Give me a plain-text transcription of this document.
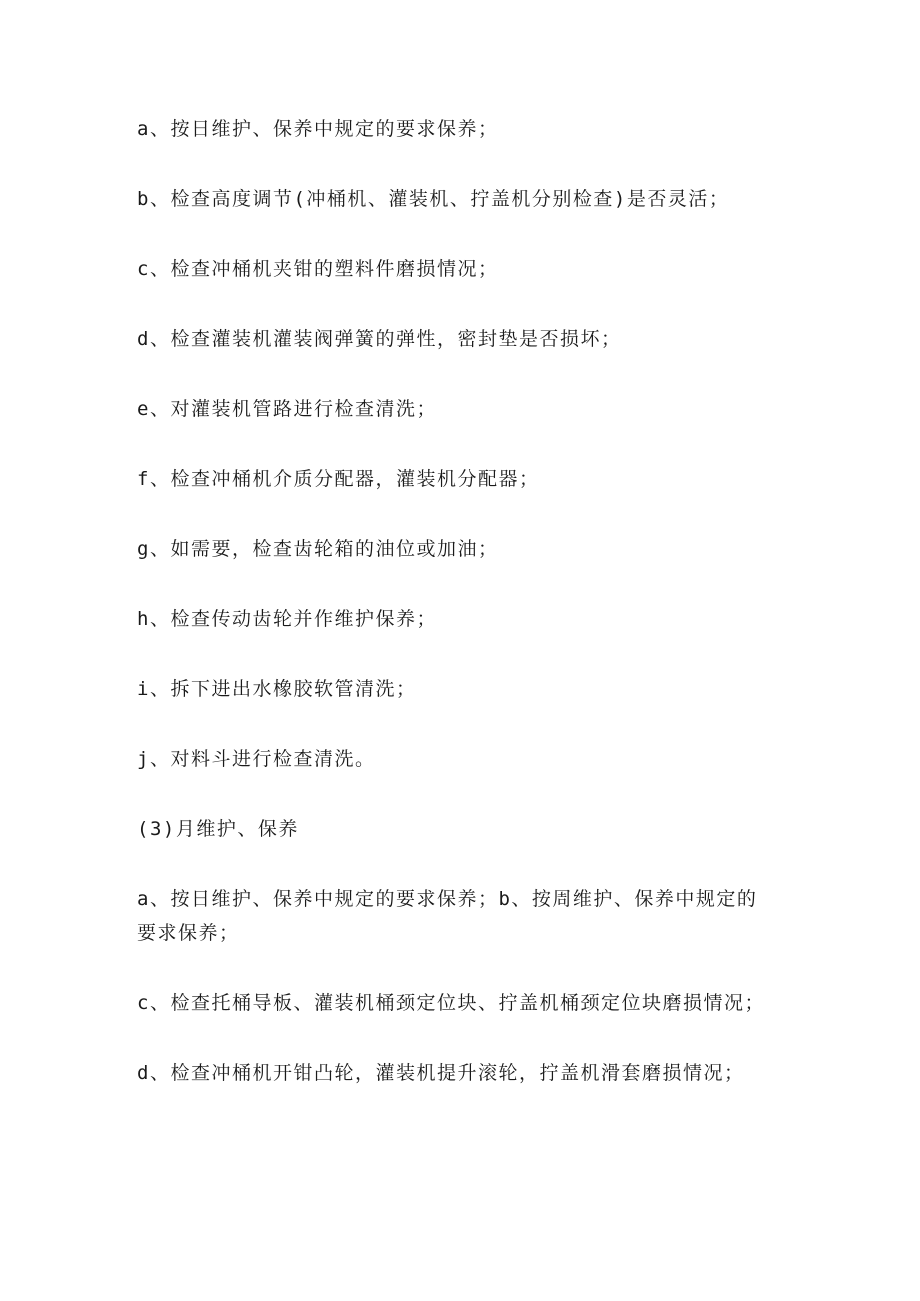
a、按日维护、保养中规定的要求保养；

b、检查高度调节(冲桶机、灌装机、拧盖机分别检查)是否灵活；

c、检查冲桶机夹钳的塑料件磨损情况；

d、检查灌装机灌装阀弹簧的弹性，密封垫是否损坏；

e、对灌装机管路进行检查清洗；

f、检查冲桶机介质分配器，灌装机分配器；

g、如需要，检查齿轮箱的油位或加油；

h、检查传动齿轮并作维护保养；

i、拆下进出水橡胶软管清洗；

j、对料斗进行检查清洗。

(3)月维护、保养

a、按日维护、保养中规定的要求保养；b、按周维护、保养中规定的要求保养；

c、检查托桶导板、灌装机桶颈定位块、拧盖机桶颈定位块磨损情况；

d、检查冲桶机开钳凸轮，灌装机提升滚轮，拧盖机滑套磨损情况；
